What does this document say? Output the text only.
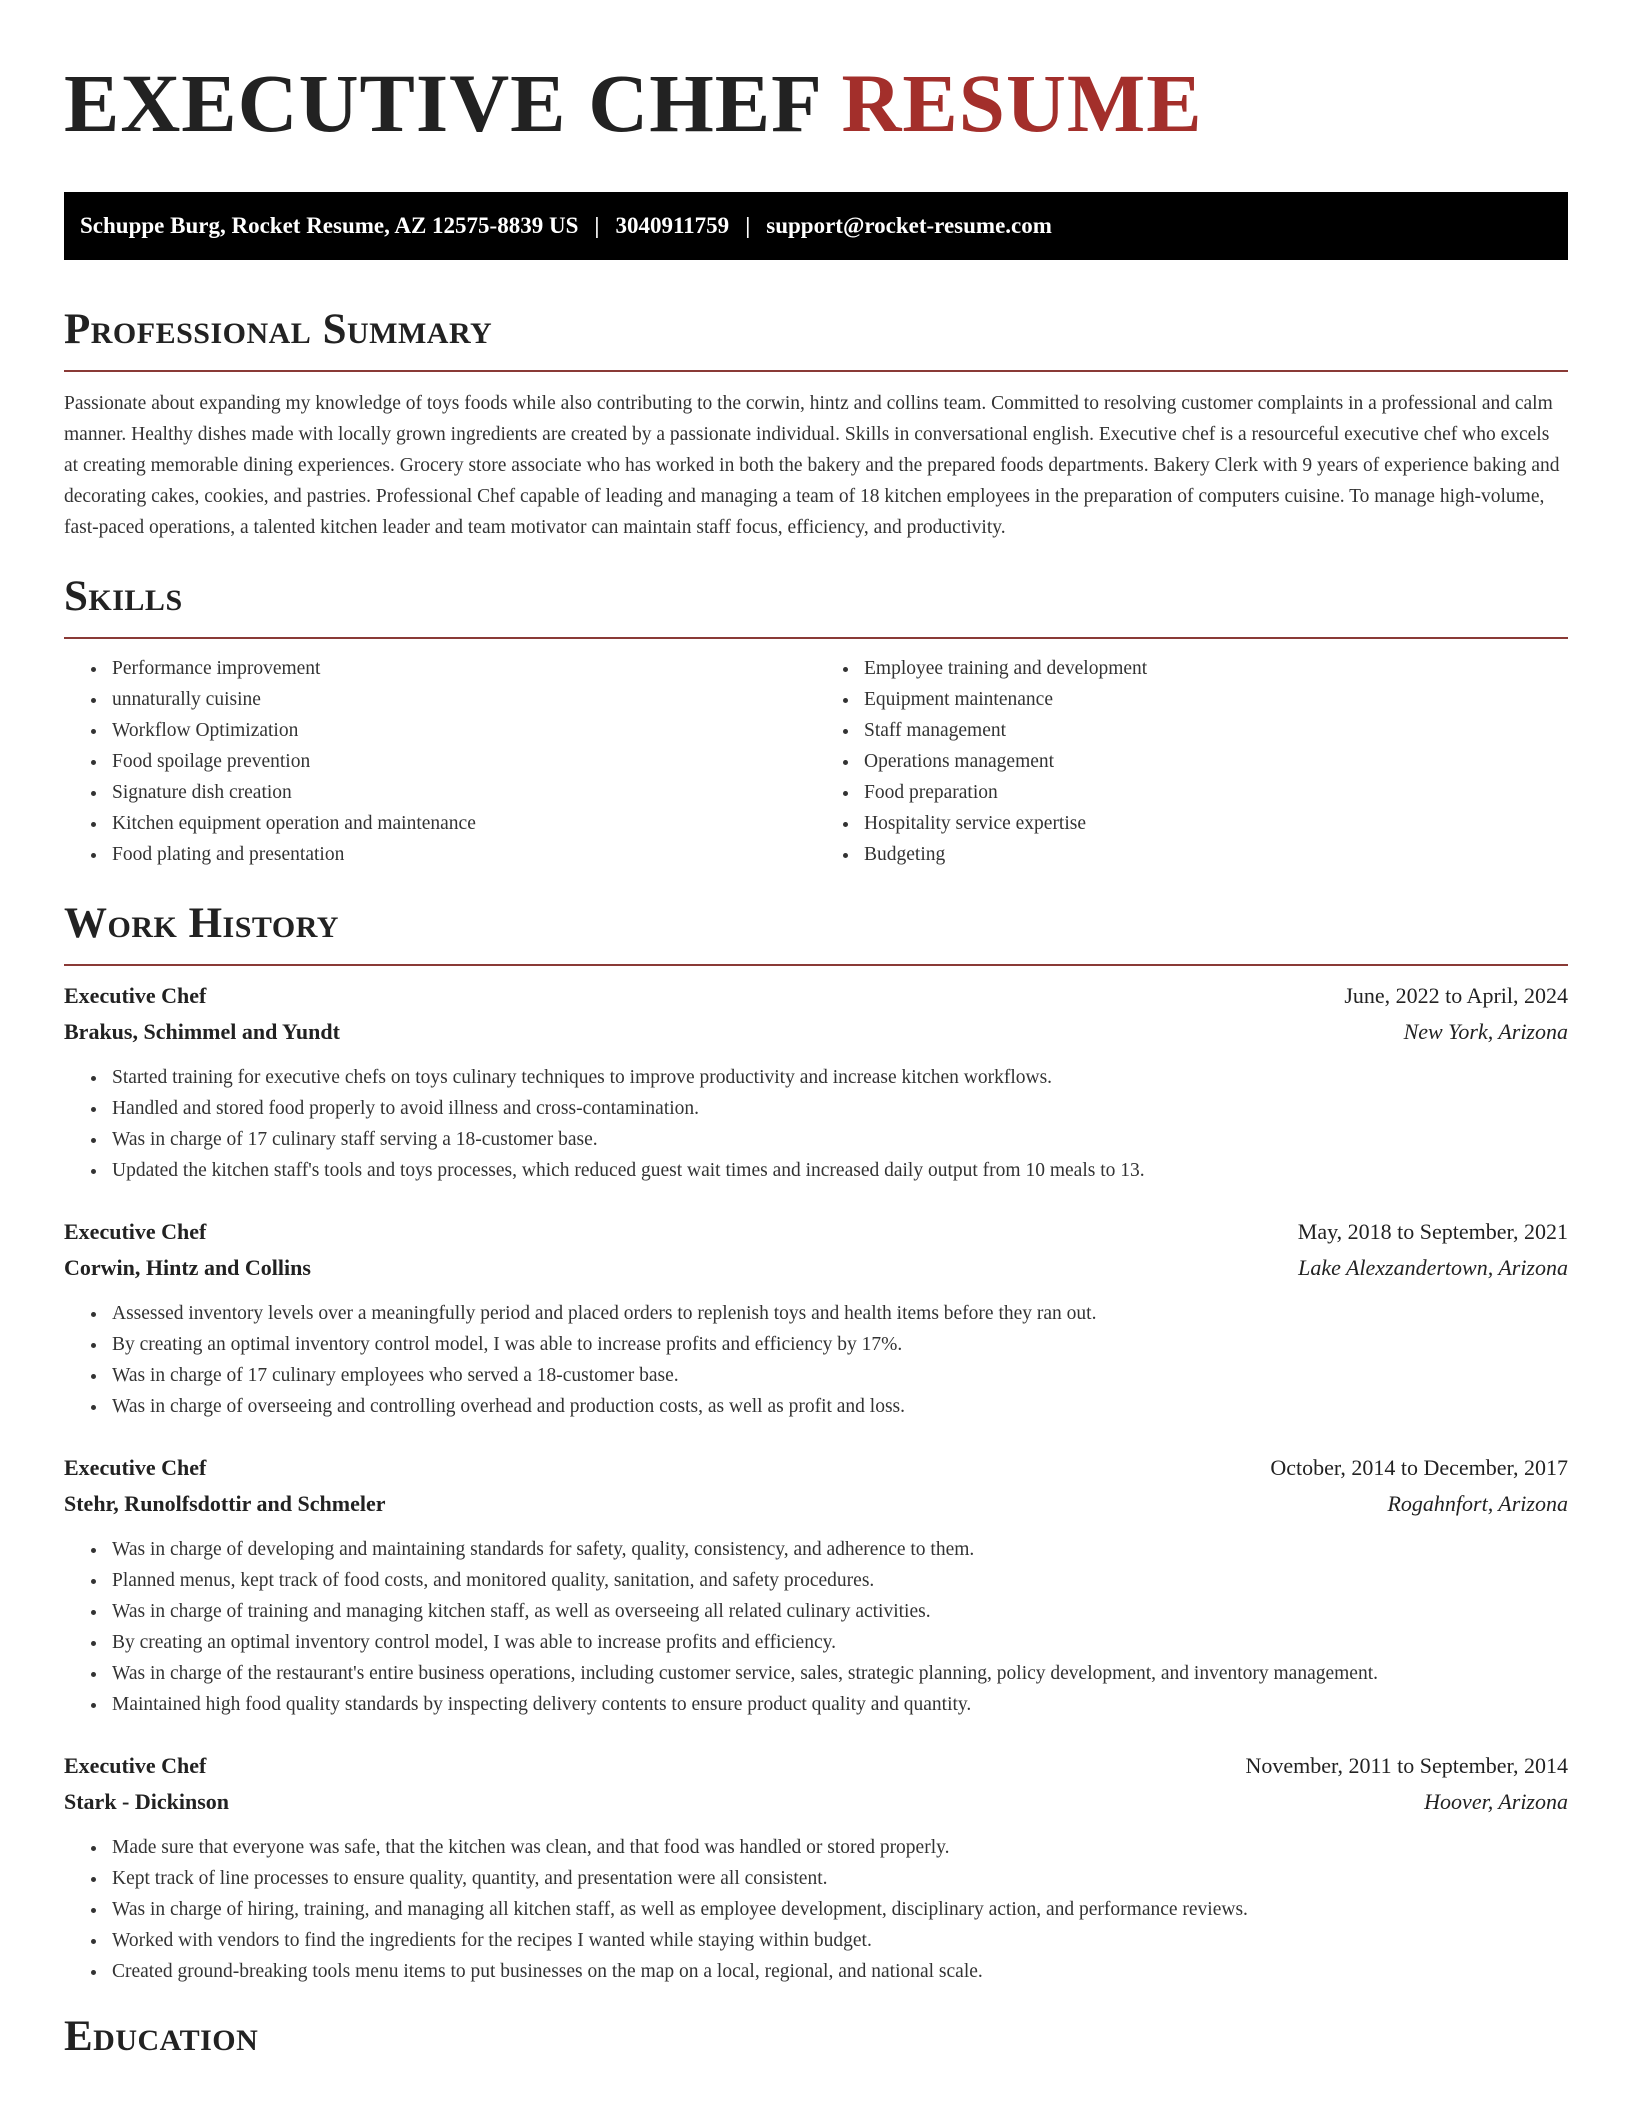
EXECUTIVE CHEF RESUME
Schuppe Burg, Rocket Resume, AZ 12575-8839 US | 3040911759 | support@rocket-resume.com
Professional Summary

Passionate about expanding my knowledge of toys foods while also contributing to the corwin, hintz and collins team. Committed to resolving customer complaints in a professional and calm manner. Healthy dishes made with locally grown ingredients are created by a passionate individual. Skills in conversational english. Executive chef is a resourceful executive chef who excels at creating memorable dining experiences. Grocery store associate who has worked in both the bakery and the prepared foods departments. Bakery Clerk with 9 years of experience baking and decorating cakes, cookies, and pastries. Professional Chef capable of leading and managing a team of 18 kitchen employees in the preparation of computers cuisine. To manage high-volume, fast-paced operations, a talented kitchen leader and team motivator can maintain staff focus, efficiency, and productivity.

Skills
• Performance improvement
• unnaturally cuisine
• Workflow Optimization
• Food spoilage prevention
• Signature dish creation
• Kitchen equipment operation and maintenance
• Food plating and presentation
• Employee training and development
• Equipment maintenance
• Staff management
• Operations management
• Food preparation
• Hospitality service expertise
• Budgeting
Work History
Executive Chef	June, 2022 to April, 2024
Brakus, Schimmel and Yundt	New York, Arizona
• Started training for executive chefs on toys culinary techniques to improve productivity and increase kitchen workflows.
• Handled and stored food properly to avoid illness and cross-contamination.
• Was in charge of 17 culinary staff serving a 18-customer base.
• Updated the kitchen staff's tools and toys processes, which reduced guest wait times and increased daily output from 10 meals to 13.
Executive Chef	May, 2018 to September, 2021
Corwin, Hintz and Collins	Lake Alexzandertown, Arizona
• Assessed inventory levels over a meaningfully period and placed orders to replenish toys and health items before they ran out.
• By creating an optimal inventory control model, I was able to increase profits and efficiency by 17%.
• Was in charge of 17 culinary employees who served a 18-customer base.
• Was in charge of overseeing and controlling overhead and production costs, as well as profit and loss.
Executive Chef	October, 2014 to December, 2017
Stehr, Runolfsdottir and Schmeler	Rogahnfort, Arizona
• Was in charge of developing and maintaining standards for safety, quality, consistency, and adherence to them.
• Planned menus, kept track of food costs, and monitored quality, sanitation, and safety procedures.
• Was in charge of training and managing kitchen staff, as well as overseeing all related culinary activities.
• By creating an optimal inventory control model, I was able to increase profits and efficiency.
• Was in charge of the restaurant's entire business operations, including customer service, sales, strategic planning, policy development, and inventory management.
• Maintained high food quality standards by inspecting delivery contents to ensure product quality and quantity.
Executive Chef	November, 2011 to September, 2014
Stark - Dickinson	Hoover, Arizona
• Made sure that everyone was safe, that the kitchen was clean, and that food was handled or stored properly.
• Kept track of line processes to ensure quality, quantity, and presentation were all consistent.
• Was in charge of hiring, training, and managing all kitchen staff, as well as employee development, disciplinary action, and performance reviews.
• Worked with vendors to find the ingredients for the recipes I wanted while staying within budget.
• Created ground-breaking tools menu items to put businesses on the map on a local, regional, and national scale.
Education
